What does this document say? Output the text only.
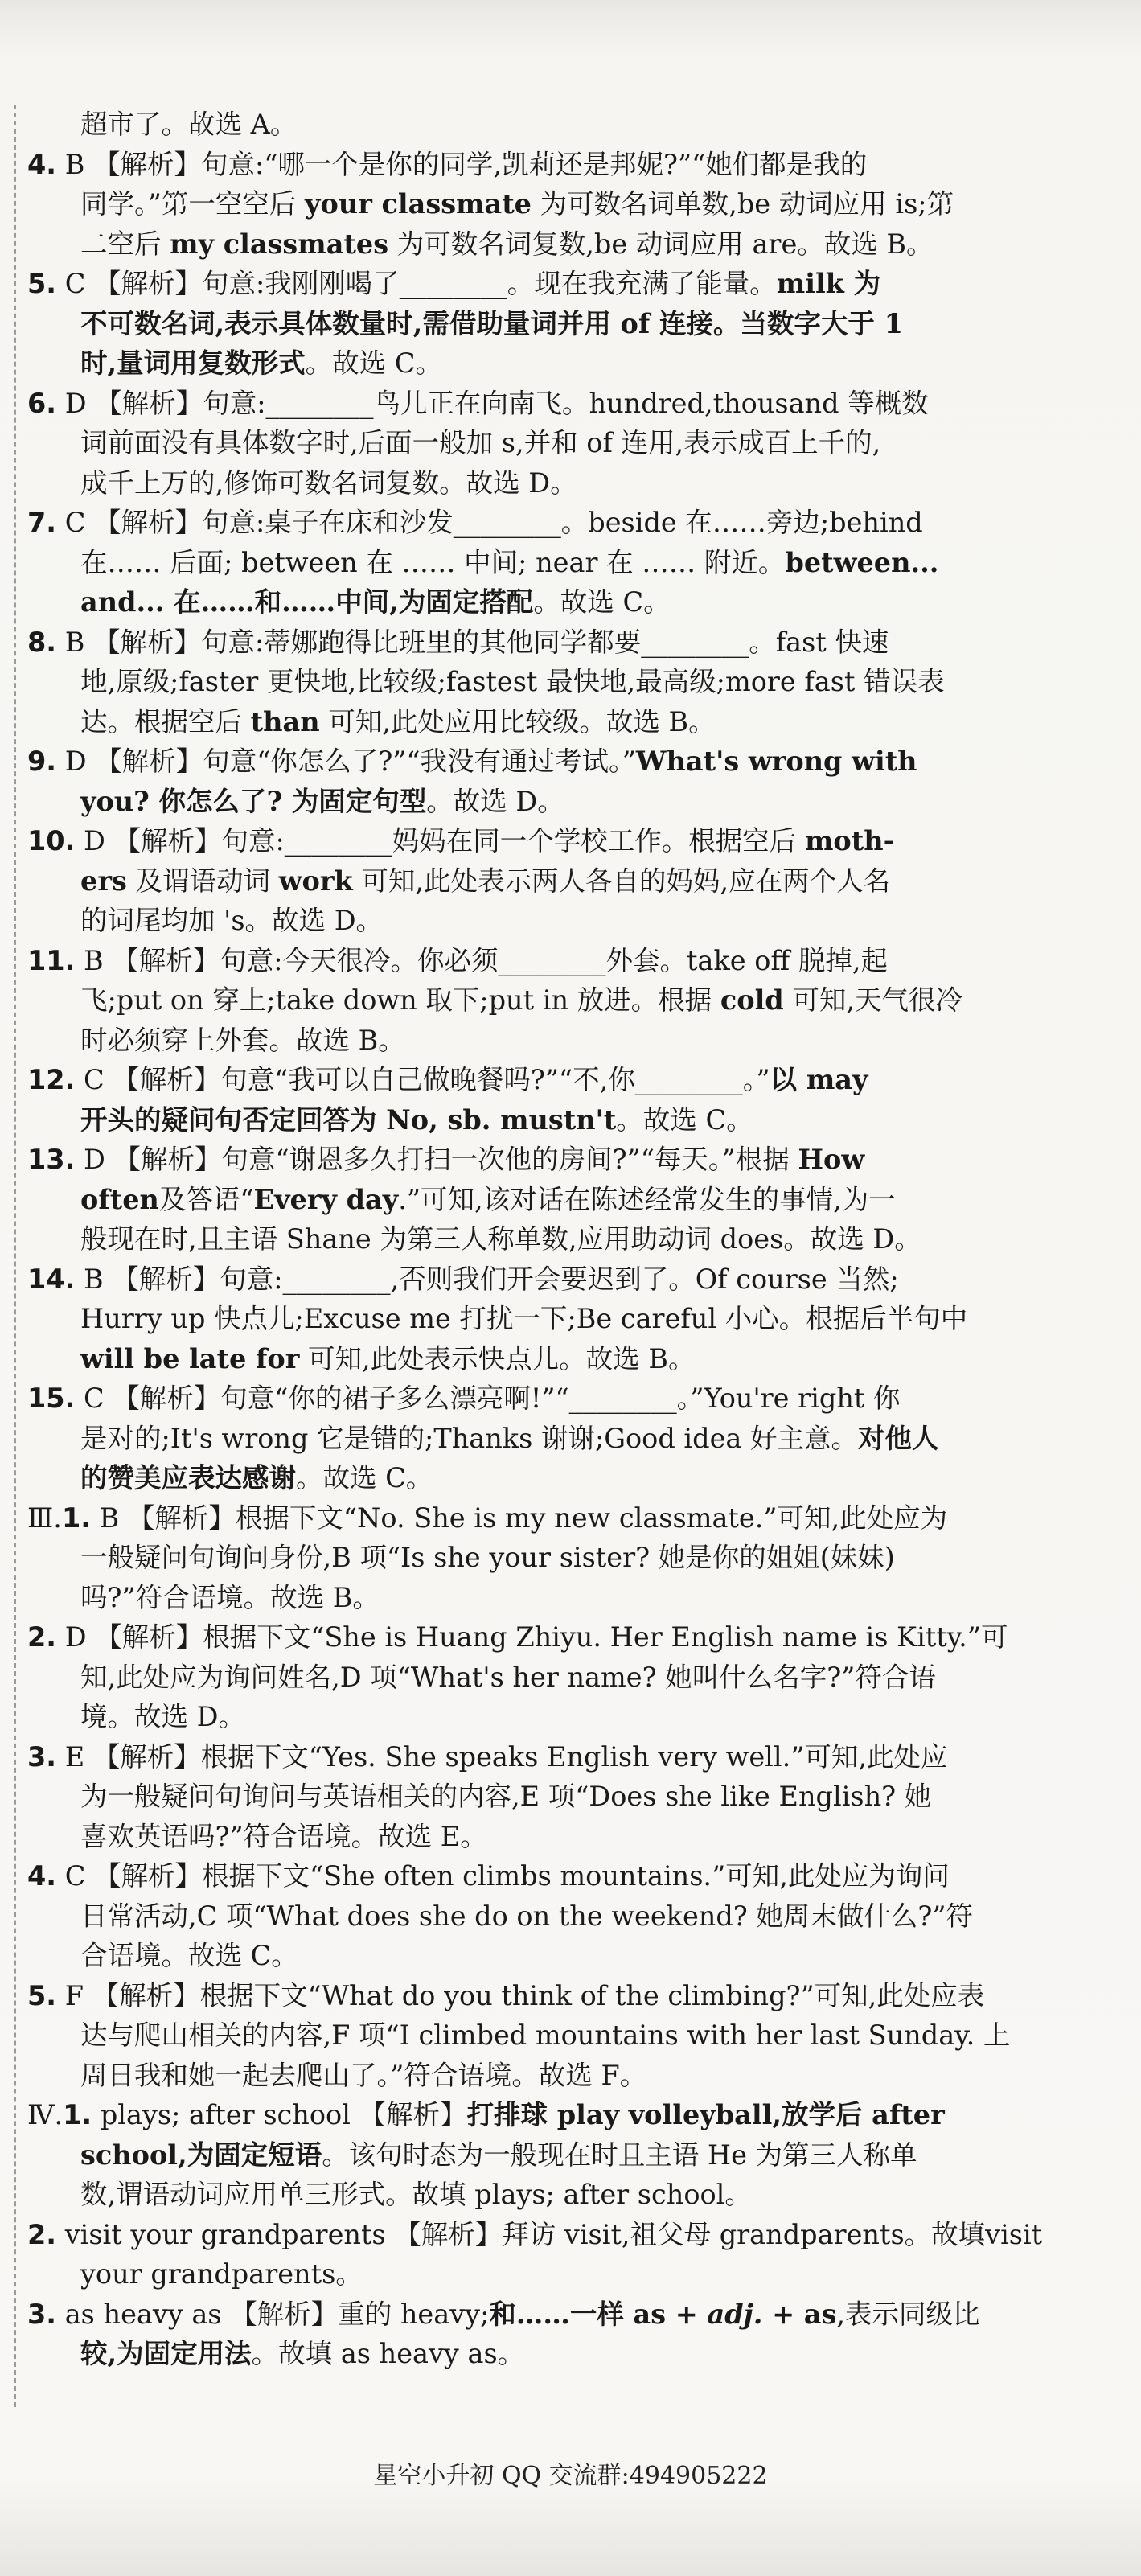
超市了。故选 A。
4. B 【解析】句意:“哪一个是你的同学,凯莉还是邦妮?”“她们都是我的
同学。”第一空空后 your classmate 为可数名词单数,be 动词应用 is;第
二空后 my classmates 为可数名词复数,be 动词应用 are。故选 B。
5. C 【解析】句意:我刚刚喝了________。现在我充满了能量。milk 为
不可数名词,表示具体数量时,需借助量词并用 of 连接。当数字大于 1
时,量词用复数形式。故选 C。
6. D 【解析】句意:________鸟儿正在向南飞。hundred,thousand 等概数
词前面没有具体数字时,后面一般加 s,并和 of 连用,表示成百上千的,
成千上万的,修饰可数名词复数。故选 D。
7. C 【解析】句意:桌子在床和沙发________。beside 在……旁边;behind
在…… 后面; between 在 …… 中间; near 在 …… 附近。between...
and... 在……和……中间,为固定搭配。故选 C。
8. B 【解析】句意:蒂娜跑得比班里的其他同学都要________。fast 快速
地,原级;faster 更快地,比较级;fastest 最快地,最高级;more fast 错误表
达。根据空后 than 可知,此处应用比较级。故选 B。
9. D 【解析】句意“你怎么了?”“我没有通过考试。”What's wrong with
you? 你怎么了? 为固定句型。故选 D。
10. D 【解析】句意:________妈妈在同一个学校工作。根据空后 moth-
ers 及谓语动词 work 可知,此处表示两人各自的妈妈,应在两个人名
的词尾均加 's。故选 D。
11. B 【解析】句意:今天很冷。你必须________外套。take off 脱掉,起
飞;put on 穿上;take down 取下;put in 放进。根据 cold 可知,天气很冷
时必须穿上外套。故选 B。
12. C 【解析】句意“我可以自己做晚餐吗?”“不,你________。”以 may
开头的疑问句否定回答为 No, sb. mustn't。故选 C。
13. D 【解析】句意“谢恩多久打扫一次他的房间?”“每天。”根据 How
often及答语“Every day.”可知,该对话在陈述经常发生的事情,为一
般现在时,且主语 Shane 为第三人称单数,应用助动词 does。故选 D。
14. B 【解析】句意:________,否则我们开会要迟到了。Of course 当然;
Hurry up 快点儿;Excuse me 打扰一下;Be careful 小心。根据后半句中
will be late for 可知,此处表示快点儿。故选 B。
15. C 【解析】句意“你的裙子多么漂亮啊!”“________。”You're right 你
是对的;It's wrong 它是错的;Thanks 谢谢;Good idea 好主意。对他人
的赞美应表达感谢。故选 C。
Ⅲ.1. B 【解析】根据下文“No. She is my new classmate.”可知,此处应为
一般疑问句询问身份,B 项“Is she your sister? 她是你的姐姐(妹妹)
吗?”符合语境。故选 B。
2. D 【解析】根据下文“She is Huang Zhiyu. Her English name is Kitty.”可
知,此处应为询问姓名,D 项“What's her name? 她叫什么名字?”符合语
境。故选 D。
3. E 【解析】根据下文“Yes. She speaks English very well.”可知,此处应
为一般疑问句询问与英语相关的内容,E 项“Does she like English? 她
喜欢英语吗?”符合语境。故选 E。
4. C 【解析】根据下文“She often climbs mountains.”可知,此处应为询问
日常活动,C 项“What does she do on the weekend? 她周末做什么?”符
合语境。故选 C。
5. F 【解析】根据下文“What do you think of the climbing?”可知,此处应表
达与爬山相关的内容,F 项“I climbed mountains with her last Sunday. 上
周日我和她一起去爬山了。”符合语境。故选 F。
Ⅳ.1. plays; after school 【解析】打排球 play volleyball,放学后 after
school,为固定短语。该句时态为一般现在时且主语 He 为第三人称单
数,谓语动词应用单三形式。故填 plays; after school。
2. visit your grandparents 【解析】拜访 visit,祖父母 grandparents。故填visit
your grandparents。
3. as heavy as 【解析】重的 heavy;和……一样 as + adj. + as,表示同级比
较,为固定用法。故填 as heavy as。
星空小升初 QQ 交流群:494905222
